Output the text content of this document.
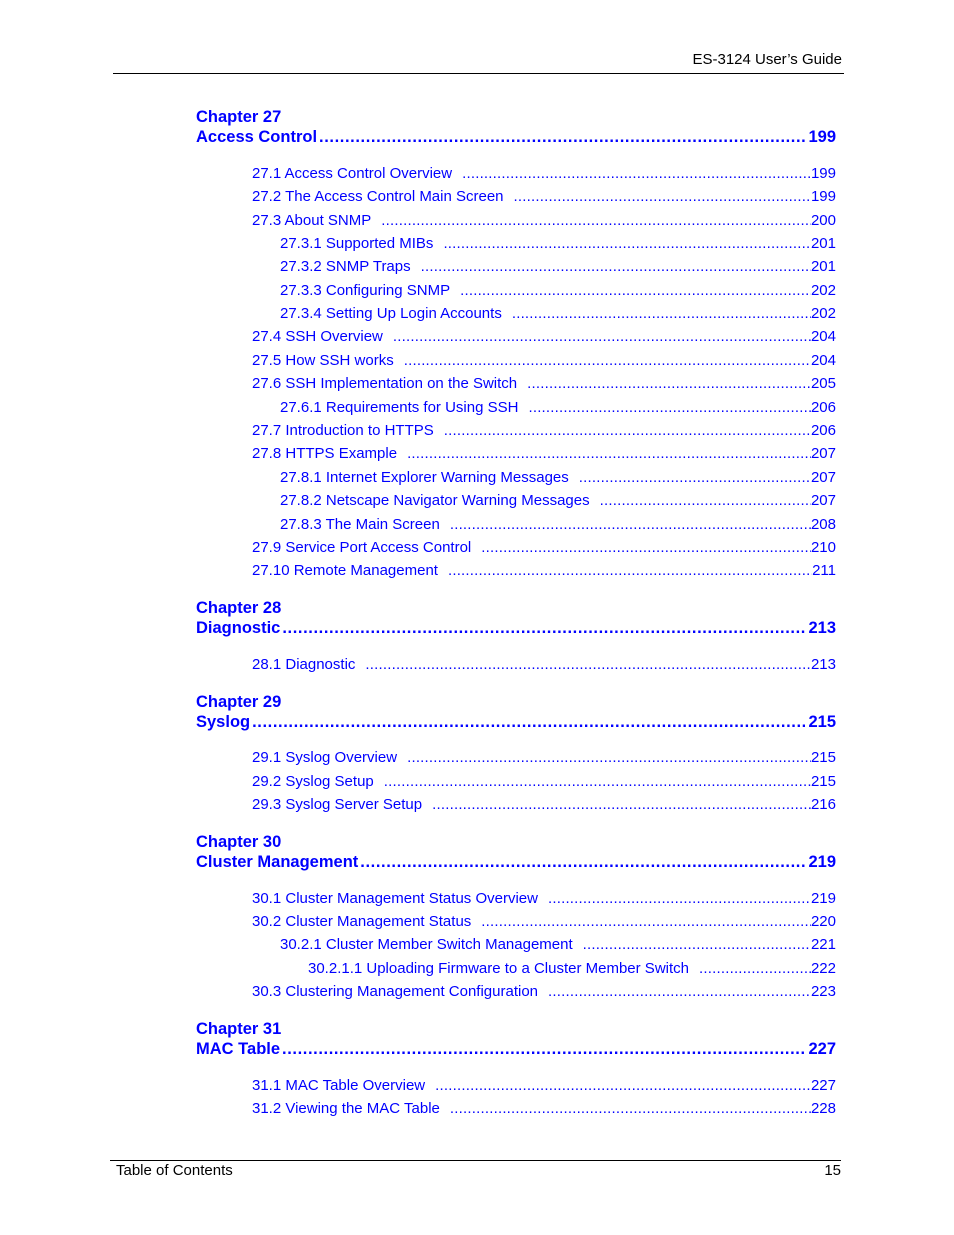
ES-3124 User’s Guide
Chapter 27
Access Control .....	199
27.1 Access Control Overview .....	199
27.2 The Access Control Main Screen .....	199
27.3 About SNMP .....	200
27.3.1 Supported MIBs .....	201
27.3.2 SNMP Traps .....	201
27.3.3 Configuring SNMP .....	202
27.3.4 Setting Up Login Accounts .....	202
27.4 SSH Overview .....	204
27.5 How SSH works .....	204
27.6 SSH Implementation on the Switch .....	205
27.6.1 Requirements for Using SSH .....	206
27.7 Introduction to HTTPS .....	206
27.8 HTTPS Example .....	207
27.8.1 Internet Explorer Warning Messages .....	207
27.8.2 Netscape Navigator Warning Messages .....	207
27.8.3 The Main Screen .....	208
27.9 Service Port Access Control .....	210
27.10 Remote Management .....	211
Chapter 28
Diagnostic .....	213
28.1 Diagnostic .....	213
Chapter 29
Syslog .....	215
29.1 Syslog Overview .....	215
29.2 Syslog Setup .....	215
29.3 Syslog Server Setup .....	216
Chapter 30
Cluster Management .....	219
30.1 Cluster Management Status Overview .....	219
30.2 Cluster Management Status .....	220
30.2.1 Cluster Member Switch Management .....	221
30.2.1.1 Uploading Firmware to a Cluster Member Switch .....	222
30.3 Clustering Management Configuration .....	223
Chapter 31
MAC Table .....	227
31.1 MAC Table Overview .....	227
31.2 Viewing the MAC Table .....	228
Table of Contents	15
